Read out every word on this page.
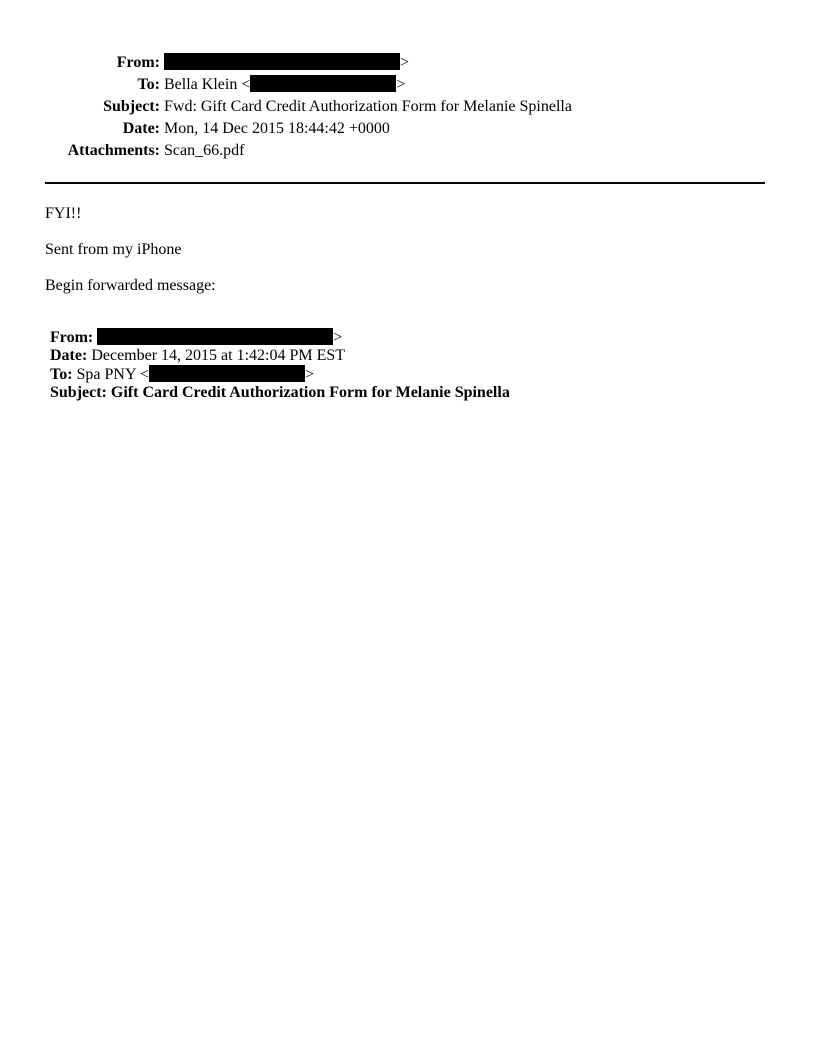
From:	>
To:	Bella Klein < >
Subject:	Fwd: Gift Card Credit Authorization Form for Melanie Spinella
Date:	Mon, 14 Dec 2015 18:44:42 +0000
Attachments:	Scan_66.pdf
FYI!!
Sent from my iPhone
Begin forwarded message:
From:	>
Date: December 14, 2015 at 1:42:04 PM EST
To: Spa PNY <	>
Subject: Gift Card Credit Authorization Form for Melanie Spinella
